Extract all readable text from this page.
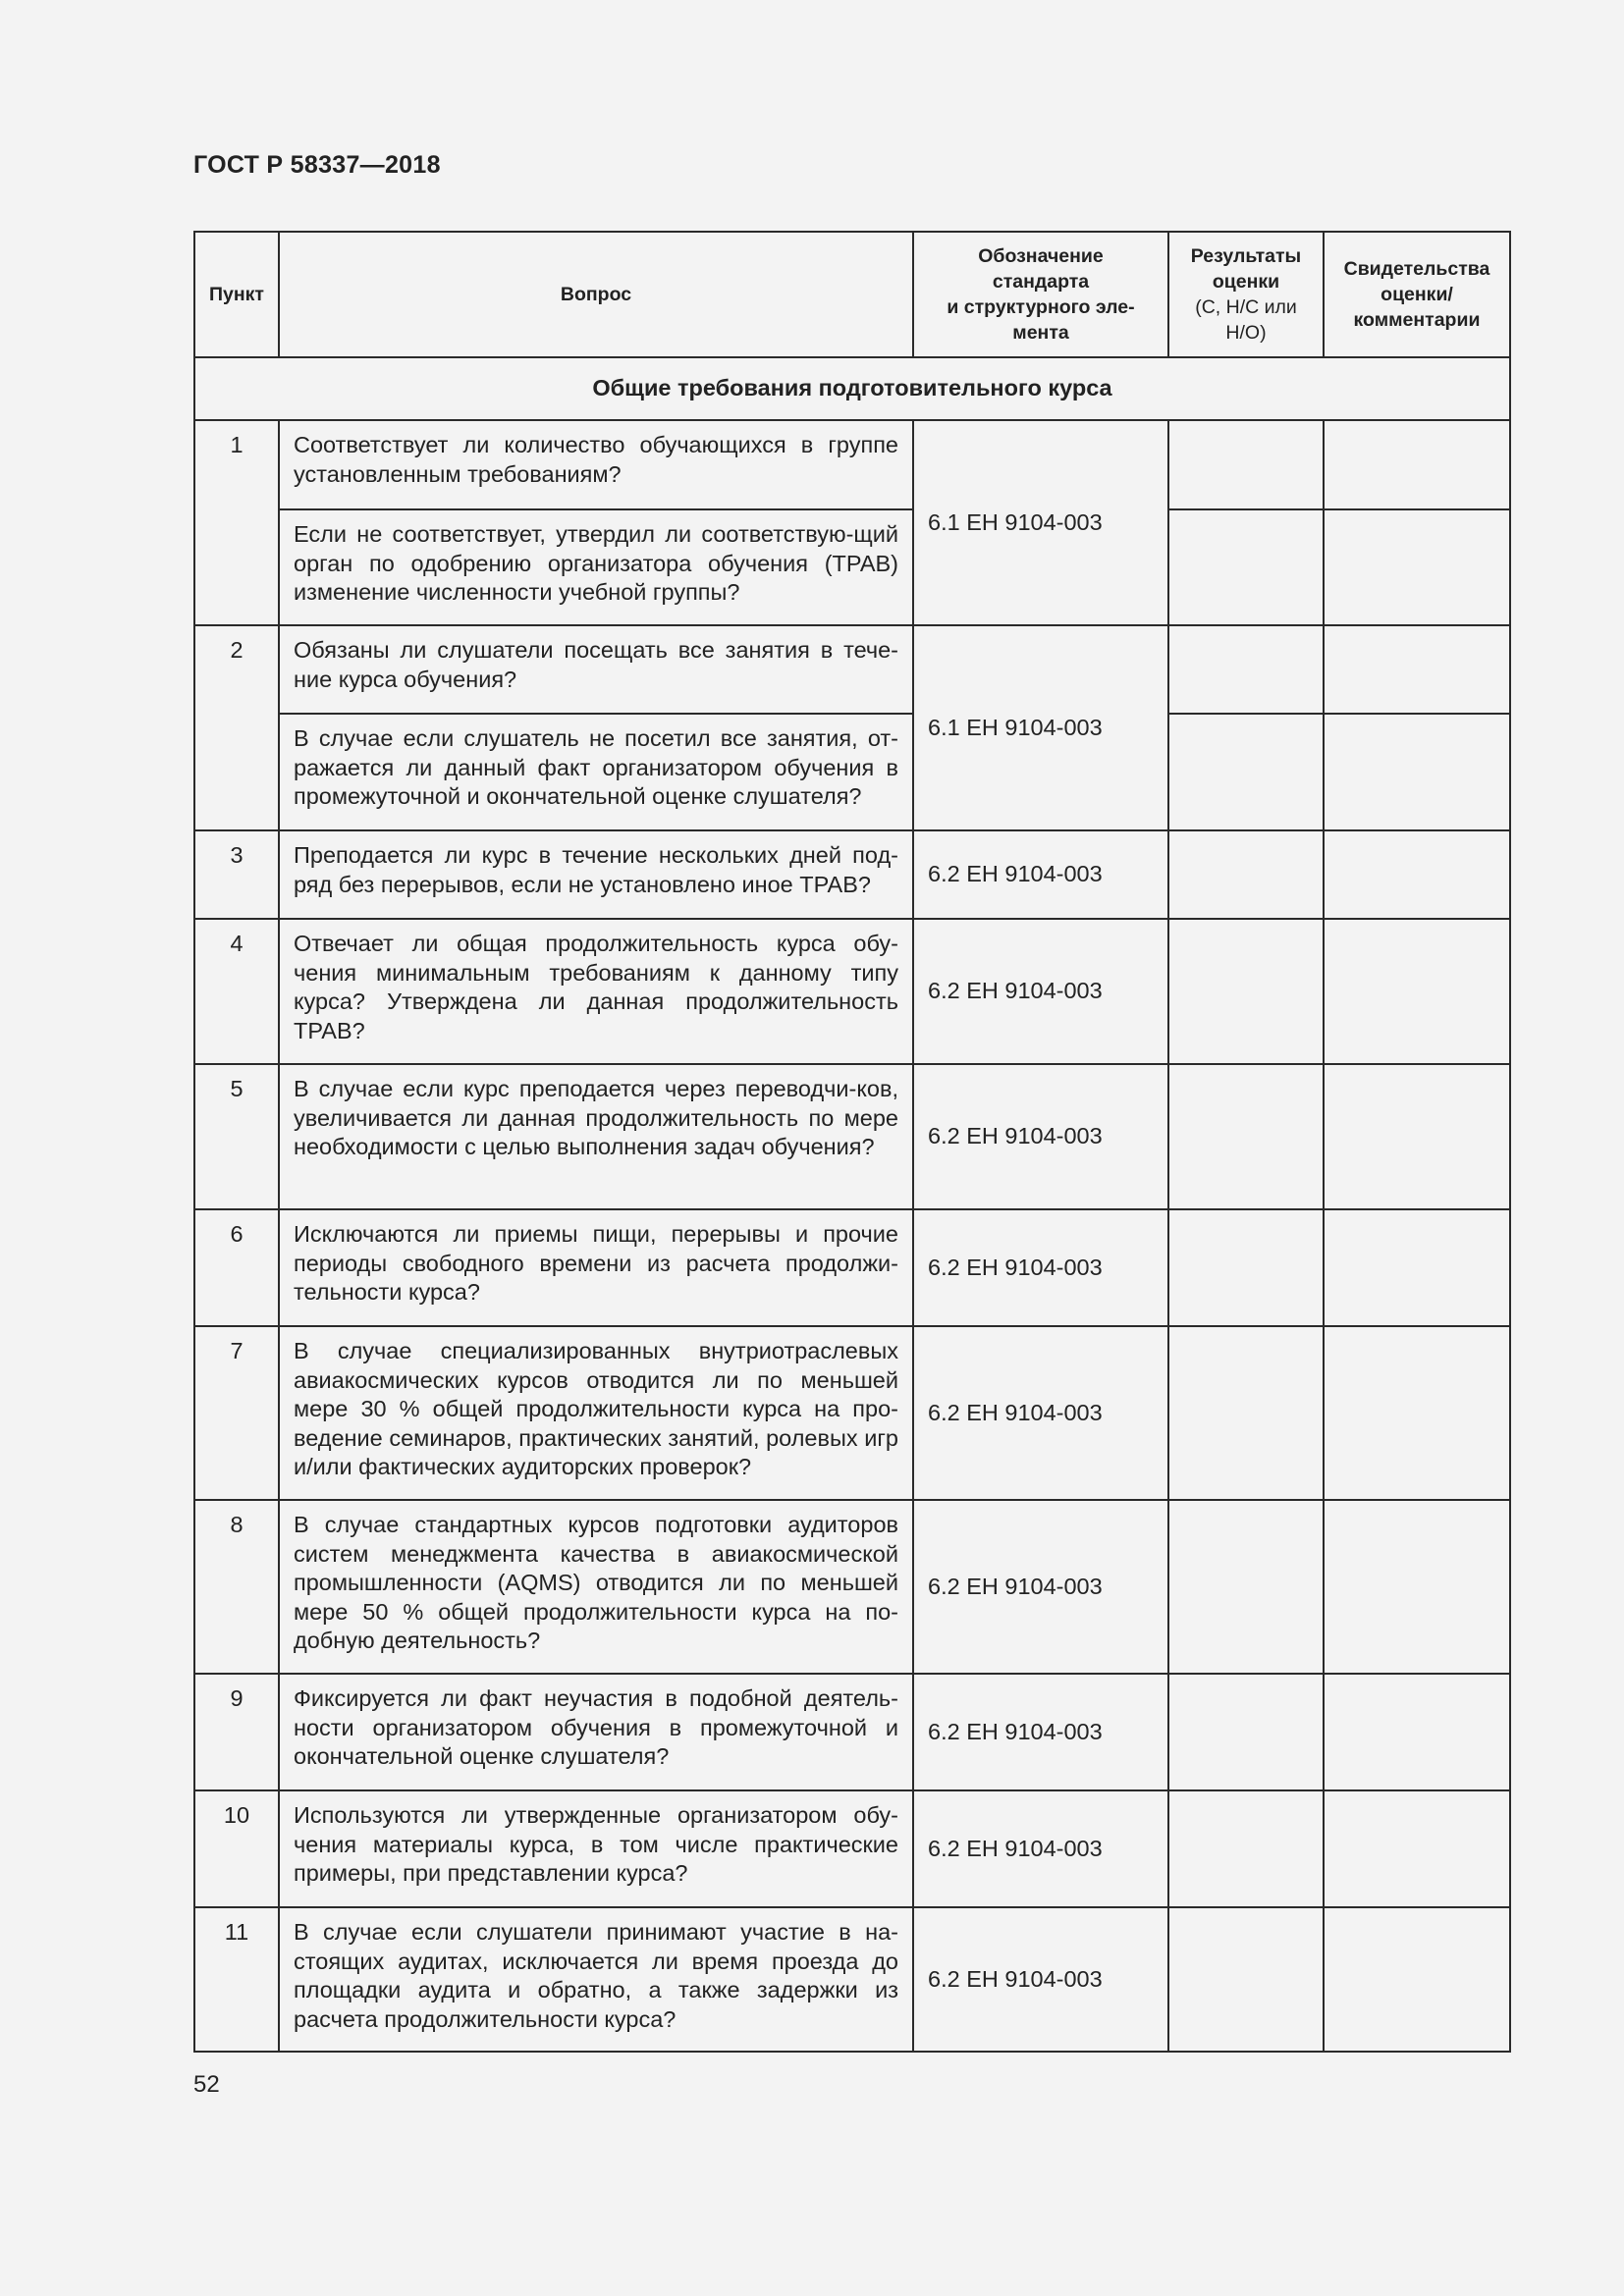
ГОСТ Р 58337—2018
Пункт	Вопрос	Обозначение
стандарта
и структурного эле-
мента	Результаты
оценки
(С, Н/С или
Н/О)	Свидетельства
оценки/
комментарии
Общие требования подготовительного курса				
1	Соответствует ли количество обучающихся в группе установленным требованиям?	6.1 ЕН 9104-003		
	Если не соответствует, утвердил ли соответствую-щий орган по одобрению организатора обучения (TPAB) изменение численности учебной группы?			
2	Обязаны ли слушатели посещать все занятия в тече-ние курса обучения?	6.1 ЕН 9104-003		
	В случае если слушатель не посетил все занятия, от-ражается ли данный факт организатором обучения в промежуточной и окончательной оценке слушателя?			
3	Преподается ли курс в течение нескольких дней под-ряд без перерывов, если не установлено иное TPAB?	6.2 ЕН 9104-003		
4	Отвечает ли общая продолжительность курса обу-чения минимальным требованиям к данному типу курса? Утверждена ли данная продолжительность TPAB?	6.2 ЕН 9104-003		
5	В случае если курс преподается через переводчи-ков, увеличивается ли данная продолжительность по мере необходимости с целью выполнения задач обучения?	6.2 ЕН 9104-003		
6	Исключаются ли приемы пищи, перерывы и прочие периоды свободного времени из расчета продолжи-тельности курса?	6.2 ЕН 9104-003		
7	В случае специализированных внутриотраслевых авиакосмических курсов отводится ли по меньшей мере 30 % общей продолжительности курса на про-ведение семинаров, практических занятий, ролевых игр и/или фактических аудиторских проверок?	6.2 ЕН 9104-003		
8	В случае стандартных курсов подготовки аудиторов систем менеджмента качества в авиакосмической промышленности (AQMS) отводится ли по меньшей мере 50 % общей продолжительности курса на по-добную деятельность?	6.2 ЕН 9104-003		
9	Фиксируется ли факт неучастия в подобной деятель-ности организатором обучения в промежуточной и окончательной оценке слушателя?	6.2 ЕН 9104-003		
10	Используются ли утвержденные организатором обу-чения материалы курса, в том числе практические примеры, при представлении курса?	6.2 ЕН 9104-003		
11	В случае если слушатели принимают участие в на-стоящих аудитах, исключается ли время проезда до площадки аудита и обратно, а также задержки из расчета продолжительности курса?	6.2 ЕН 9104-003		
52
